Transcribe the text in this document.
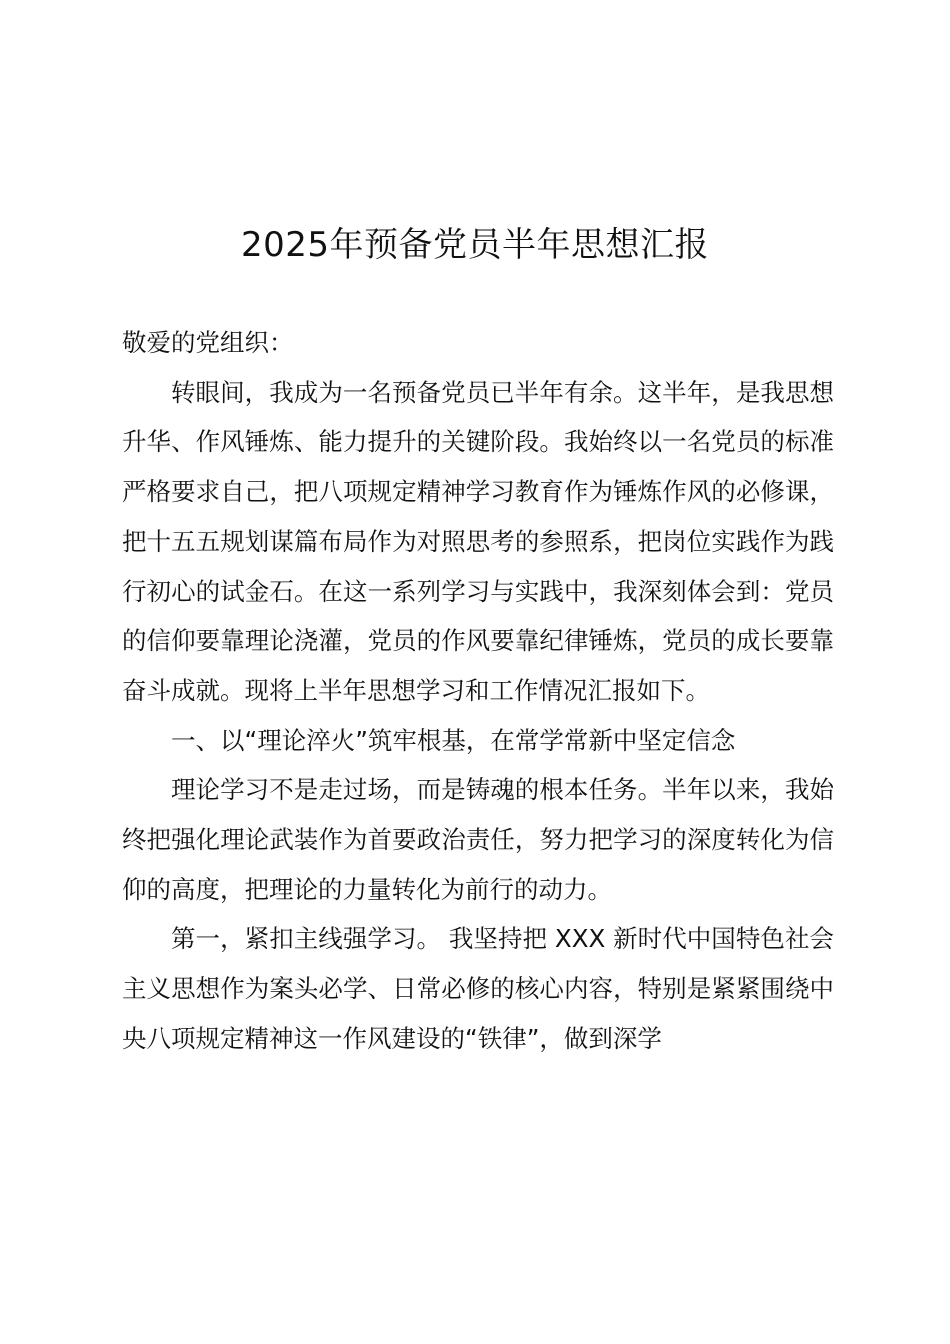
2025年预备党员半年思想汇报

敬爱的党组织：

转眼间，我成为一名预备党员已半年有余。这半年，是我思想升华、作风锤炼、能力提升的关键阶段。我始终以一名党员的标准严格要求自己，把八项规定精神学习教育作为锤炼作风的必修课，把十五五规划谋篇布局作为对照思考的参照系，把岗位实践作为践行初心的试金石。在这一系列学习与实践中，我深刻体会到：党员的信仰要靠理论浇灌，党员的作风要靠纪律锤炼，党员的成长要靠奋斗成就。现将上半年思想学习和工作情况汇报如下。

一、以“理论淬火”筑牢根基，在常学常新中坚定信念

理论学习不是走过场，而是铸魂的根本任务。半年以来，我始终把强化理论武装作为首要政治责任，努力把学习的深度转化为信仰的高度，把理论的力量转化为前行的动力。

第一，紧扣主线强学习。 我坚持把 XXX 新时代中国特色社会主义思想作为案头必学、日常必修的核心内容，特别是紧紧围绕中央八项规定精神这一作风建设的“铁律”，做到深学
